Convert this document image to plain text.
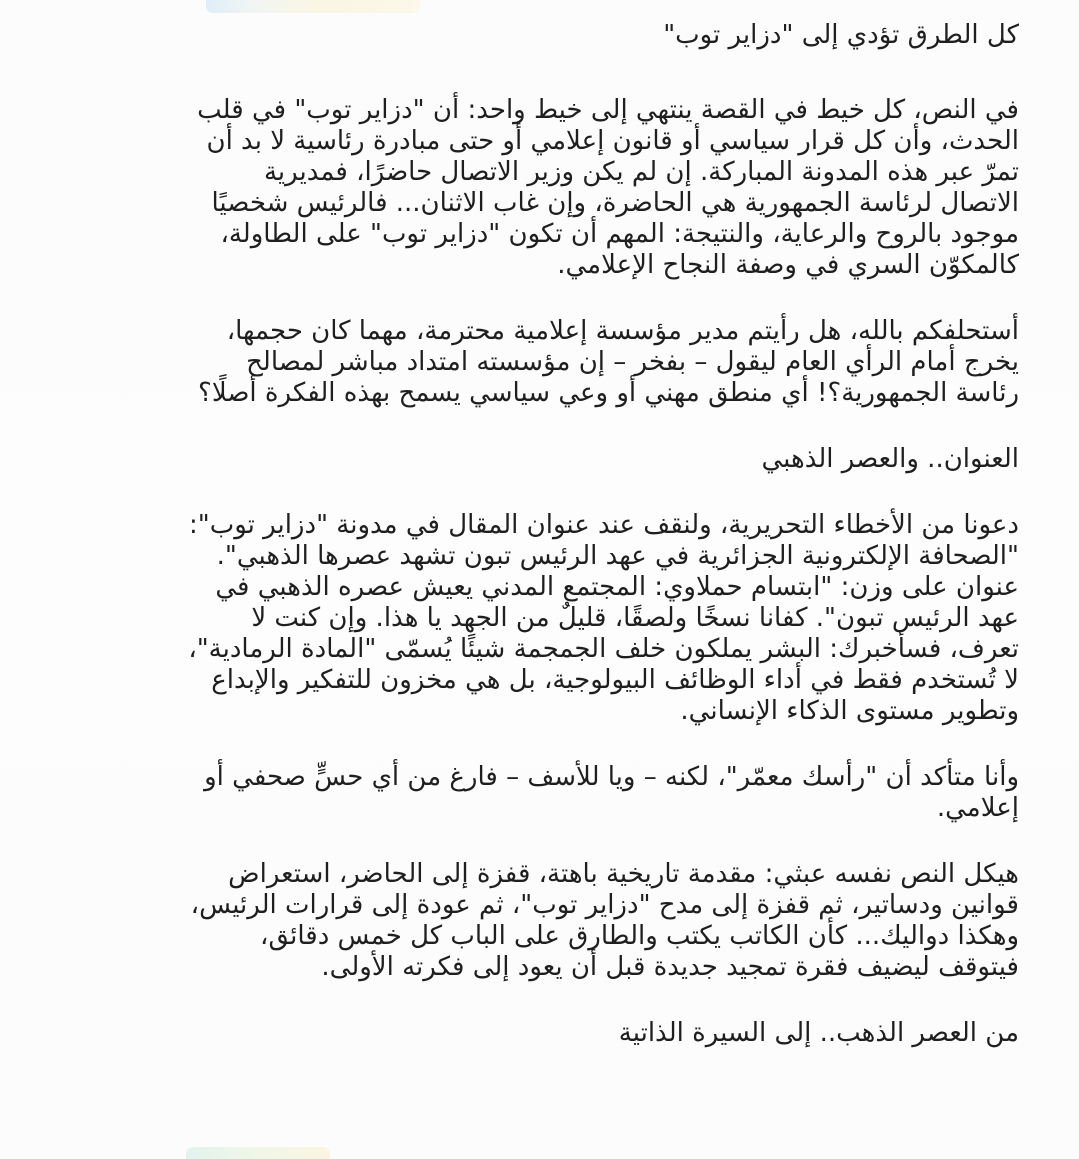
كل الطرق تؤدي إلى "دزاير توب"

في النص، كل خيط في القصة ينتهي إلى خيط واحد: أن "دزاير توب" في قلب الحدث، وأن كل قرار سياسي أو قانون إعلامي أو حتى مبادرة رئاسية لا بد أن تمرّ عبر هذه المدونة المباركة. إن لم يكن وزير الاتصال حاضرًا، فمديرية الاتصال لرئاسة الجمهورية هي الحاضرة، وإن غاب الاثنان... فالرئيس شخصيًا موجود بالروح والرعاية، والنتيجة: المهم أن تكون "دزاير توب" على الطاولة، كالمكوّن السري في وصفة النجاح الإعلامي.

أستحلفكم بالله، هل رأيتم مدير مؤسسة إعلامية محترمة، مهما كان حجمها، يخرج أمام الرأي العام ليقول – بفخر – إن مؤسسته امتداد مباشر لمصالح رئاسة الجمهورية؟! أي منطق مهني أو وعي سياسي يسمح بهذه الفكرة أصلًا؟

العنوان.. والعصر الذهبي

دعونا من الأخطاء التحريرية، ولنقف عند عنوان المقال في مدونة "دزاير توب":

"الصحافة الإلكترونية الجزائرية في عهد الرئيس تبون تشهد عصرها الذهبي".

عنوان على وزن: "ابتسام حملاوي: المجتمع المدني يعيش عصره الذهبي في عهد الرئيس تبون". كفانا نسخًا ولصقًا، قليلٌ من الجهد يا هذا. وإن كنت لا تعرف، فسأخبرك: البشر يملكون خلف الجمجمة شيئًا يُسمّى "المادة الرمادية"، لا تُستخدم فقط في أداء الوظائف البيولوجية، بل هي مخزون للتفكير والإبداع وتطوير مستوى الذكاء الإنساني.

وأنا متأكد أن "رأسك معمّر"، لكنه – ويا للأسف – فارغ من أي حسٍّ صحفي أو إعلامي.

هيكل النص نفسه عبثي: مقدمة تاريخية باهتة، قفزة إلى الحاضر، استعراض قوانين ودساتير، ثم قفزة إلى مدح "دزاير توب"، ثم عودة إلى قرارات الرئيس، وهكذا دواليك... كأن الكاتب يكتب والطارق على الباب كل خمس دقائق، فيتوقف ليضيف فقرة تمجيد جديدة قبل أن يعود إلى فكرته الأولى.

من العصر الذهب.. إلى السيرة الذاتية
